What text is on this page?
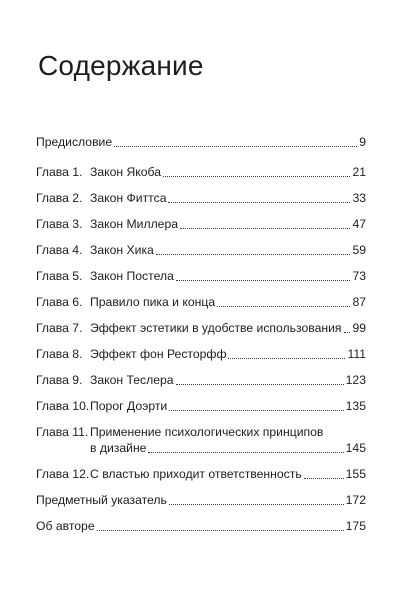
Содержание
Предисловие	9
Глава 1. Закон Якоба	21
Глава 2. Закон Фиттса	33
Глава 3. Закон Миллера	47
Глава 4. Закон Хика	59
Глава 5. Закон Постела	73
Глава 6. Правило пика и конца	87
Глава 7. Эффект эстетики в удобстве использования 99
Глава 8. Эффект фон Ресторфф	111
Глава 9. Закон Теслера	123
Глава 10. Порог Доэрти	135
Глава 11. Применение психологических принципов
в дизайне	145
Глава 12. С властью приходит ответственность	155
Предметный указатель	172
Об авторе	175
